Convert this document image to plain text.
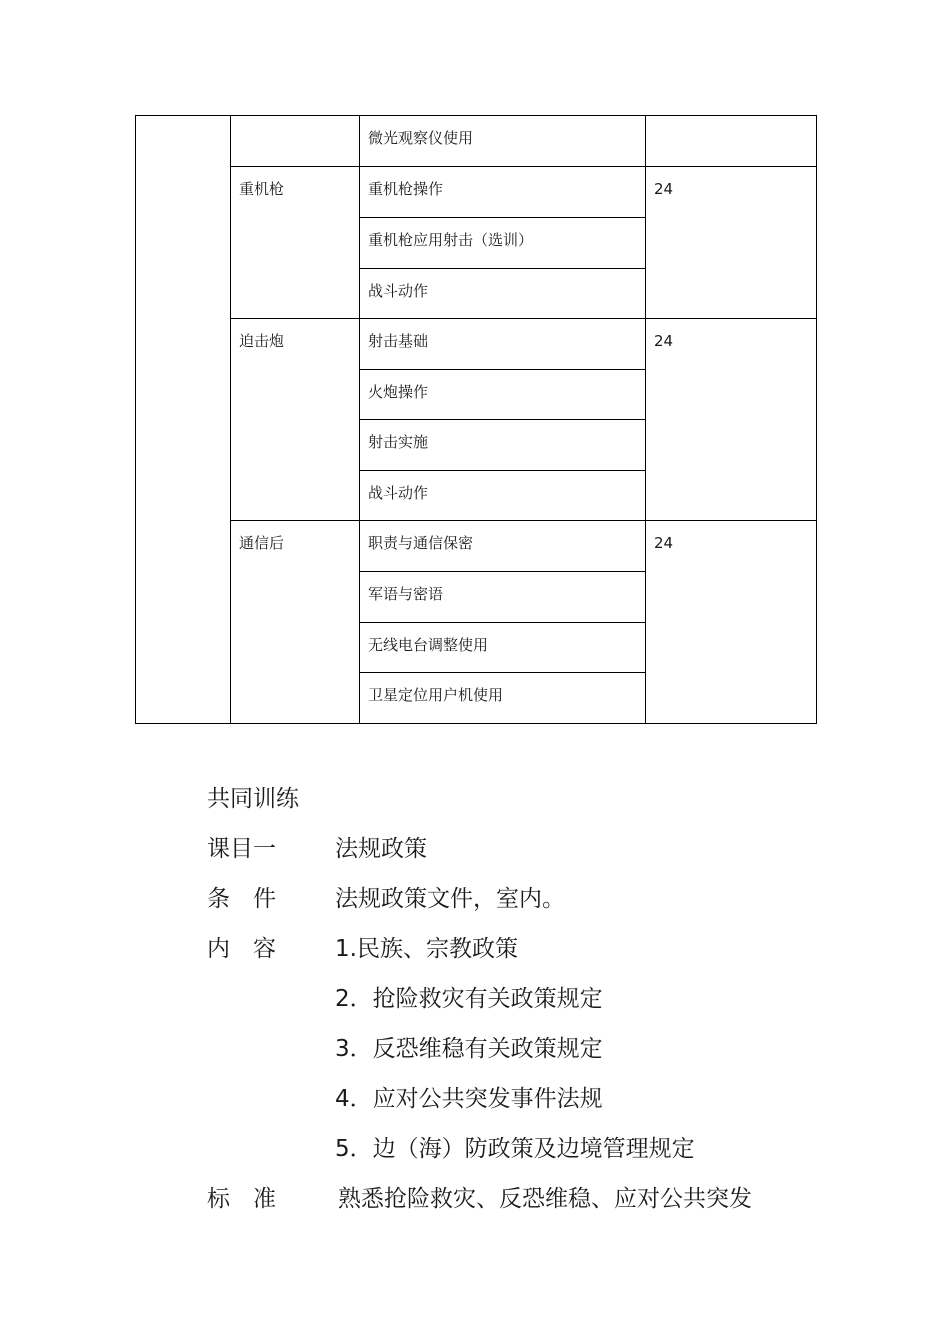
		微光观察仪使用	
	重机枪	重机枪操作	24
		重机枪应用射击（选训）	
		战斗动作	
	迫击炮	射击基础	24
		火炮操作	
		射击实施	
		战斗动作	
	通信后	职责与通信保密	24
		军语与密语	
		无线电台调整使用	
		卫星定位用户机使用	
共同训练
课目一	法规政策
条　件	法规政策文件，室内。
内　容	1.民族、宗教政策
2．抢险救灾有关政策规定
3．反恐维稳有关政策规定
4．应对公共突发事件法规
5．边（海）防政策及边境管理规定
标　准	熟悉抢险救灾、反恐维稳、应对公共突发
